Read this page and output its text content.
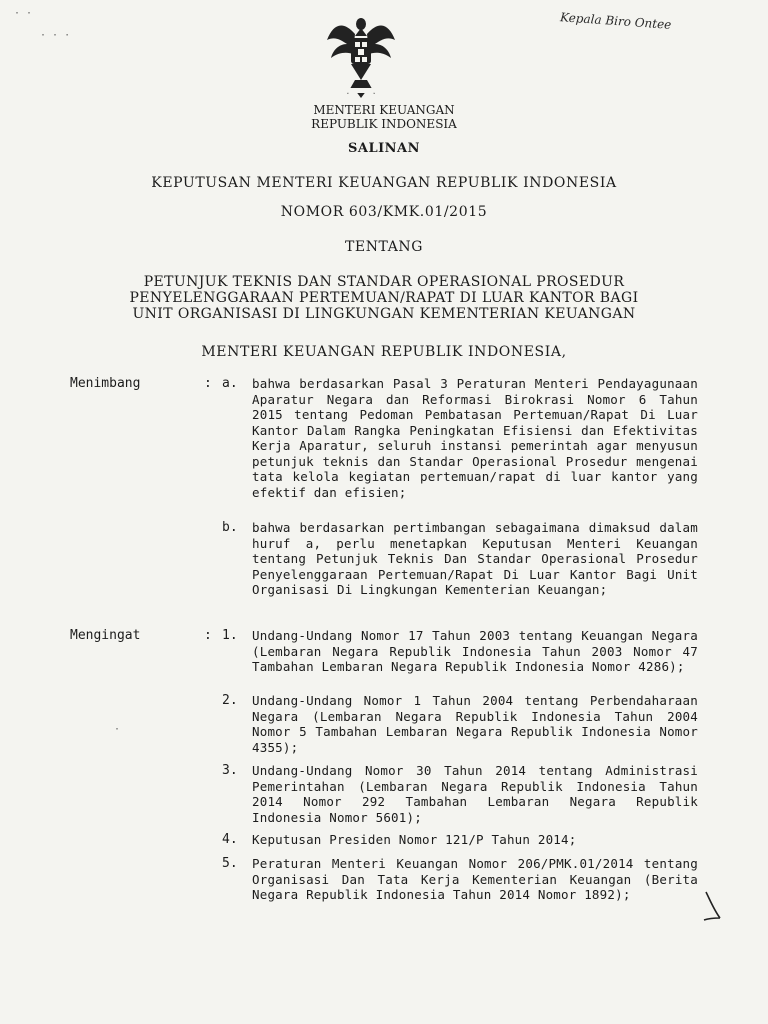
Kepala Biro Ontee
MENTERI KEUANGAN
REPUBLIK INDONESIA
SALINAN
KEPUTUSAN MENTERI KEUANGAN REPUBLIK INDONESIA
NOMOR 603/KMK.01/2015
TENTANG
PETUNJUK TEKNIS DAN STANDAR OPERASIONAL PROSEDUR
PENYELENGGARAAN PERTEMUAN/RAPAT DI LUAR KANTOR BAGI
UNIT ORGANISASI DI LINGKUNGAN KEMENTERIAN KEUANGAN
MENTERI KEUANGAN REPUBLIK INDONESIA,
Menimbang	: a. bahwa berdasarkan Pasal 3 Peraturan Menteri Pendayagunaan Aparatur Negara dan Reformasi Birokrasi Nomor 6 Tahun 2015 tentang Pedoman Pembatasan Pertemuan/Rapat Di Luar Kantor Dalam Rangka Peningkatan Efisiensi dan Efektivitas Kerja Aparatur, seluruh instansi pemerintah agar menyusun petunjuk teknis dan Standar Operasional Prosedur mengenai tata kelola kegiatan pertemuan/rapat di luar kantor yang efektif dan efisien;
b. bahwa berdasarkan pertimbangan sebagaimana dimaksud dalam huruf a, perlu menetapkan Keputusan Menteri Keuangan tentang Petunjuk Teknis Dan Standar Operasional Prosedur Penyelenggaraan Pertemuan/Rapat Di Luar Kantor Bagi Unit Organisasi Di Lingkungan Kementerian Keuangan;
Mengingat	: 1. Undang-Undang Nomor 17 Tahun 2003 tentang Keuangan Negara (Lembaran Negara Republik Indonesia Tahun 2003 Nomor 47 Tambahan Lembaran Negara Republik Indonesia Nomor 4286);
2. Undang-Undang Nomor 1 Tahun 2004 tentang Perbendaharaan Negara (Lembaran Negara Republik Indonesia Tahun 2004 Nomor 5 Tambahan Lembaran Negara Republik Indonesia Nomor 4355);
3. Undang-Undang Nomor 30 Tahun 2014 tentang Administrasi Pemerintahan (Lembaran Negara Republik Indonesia Tahun 2014 Nomor 292 Tambahan Lembaran Negara Republik Indonesia Nomor 5601);
4. Keputusan Presiden Nomor 121/P Tahun 2014;
5. Peraturan Menteri Keuangan Nomor 206/PMK.01/2014 tentang Organisasi Dan Tata Kerja Kementerian Keuangan (Berita Negara Republik Indonesia Tahun 2014 Nomor 1892);
· ·
· · ·
·
